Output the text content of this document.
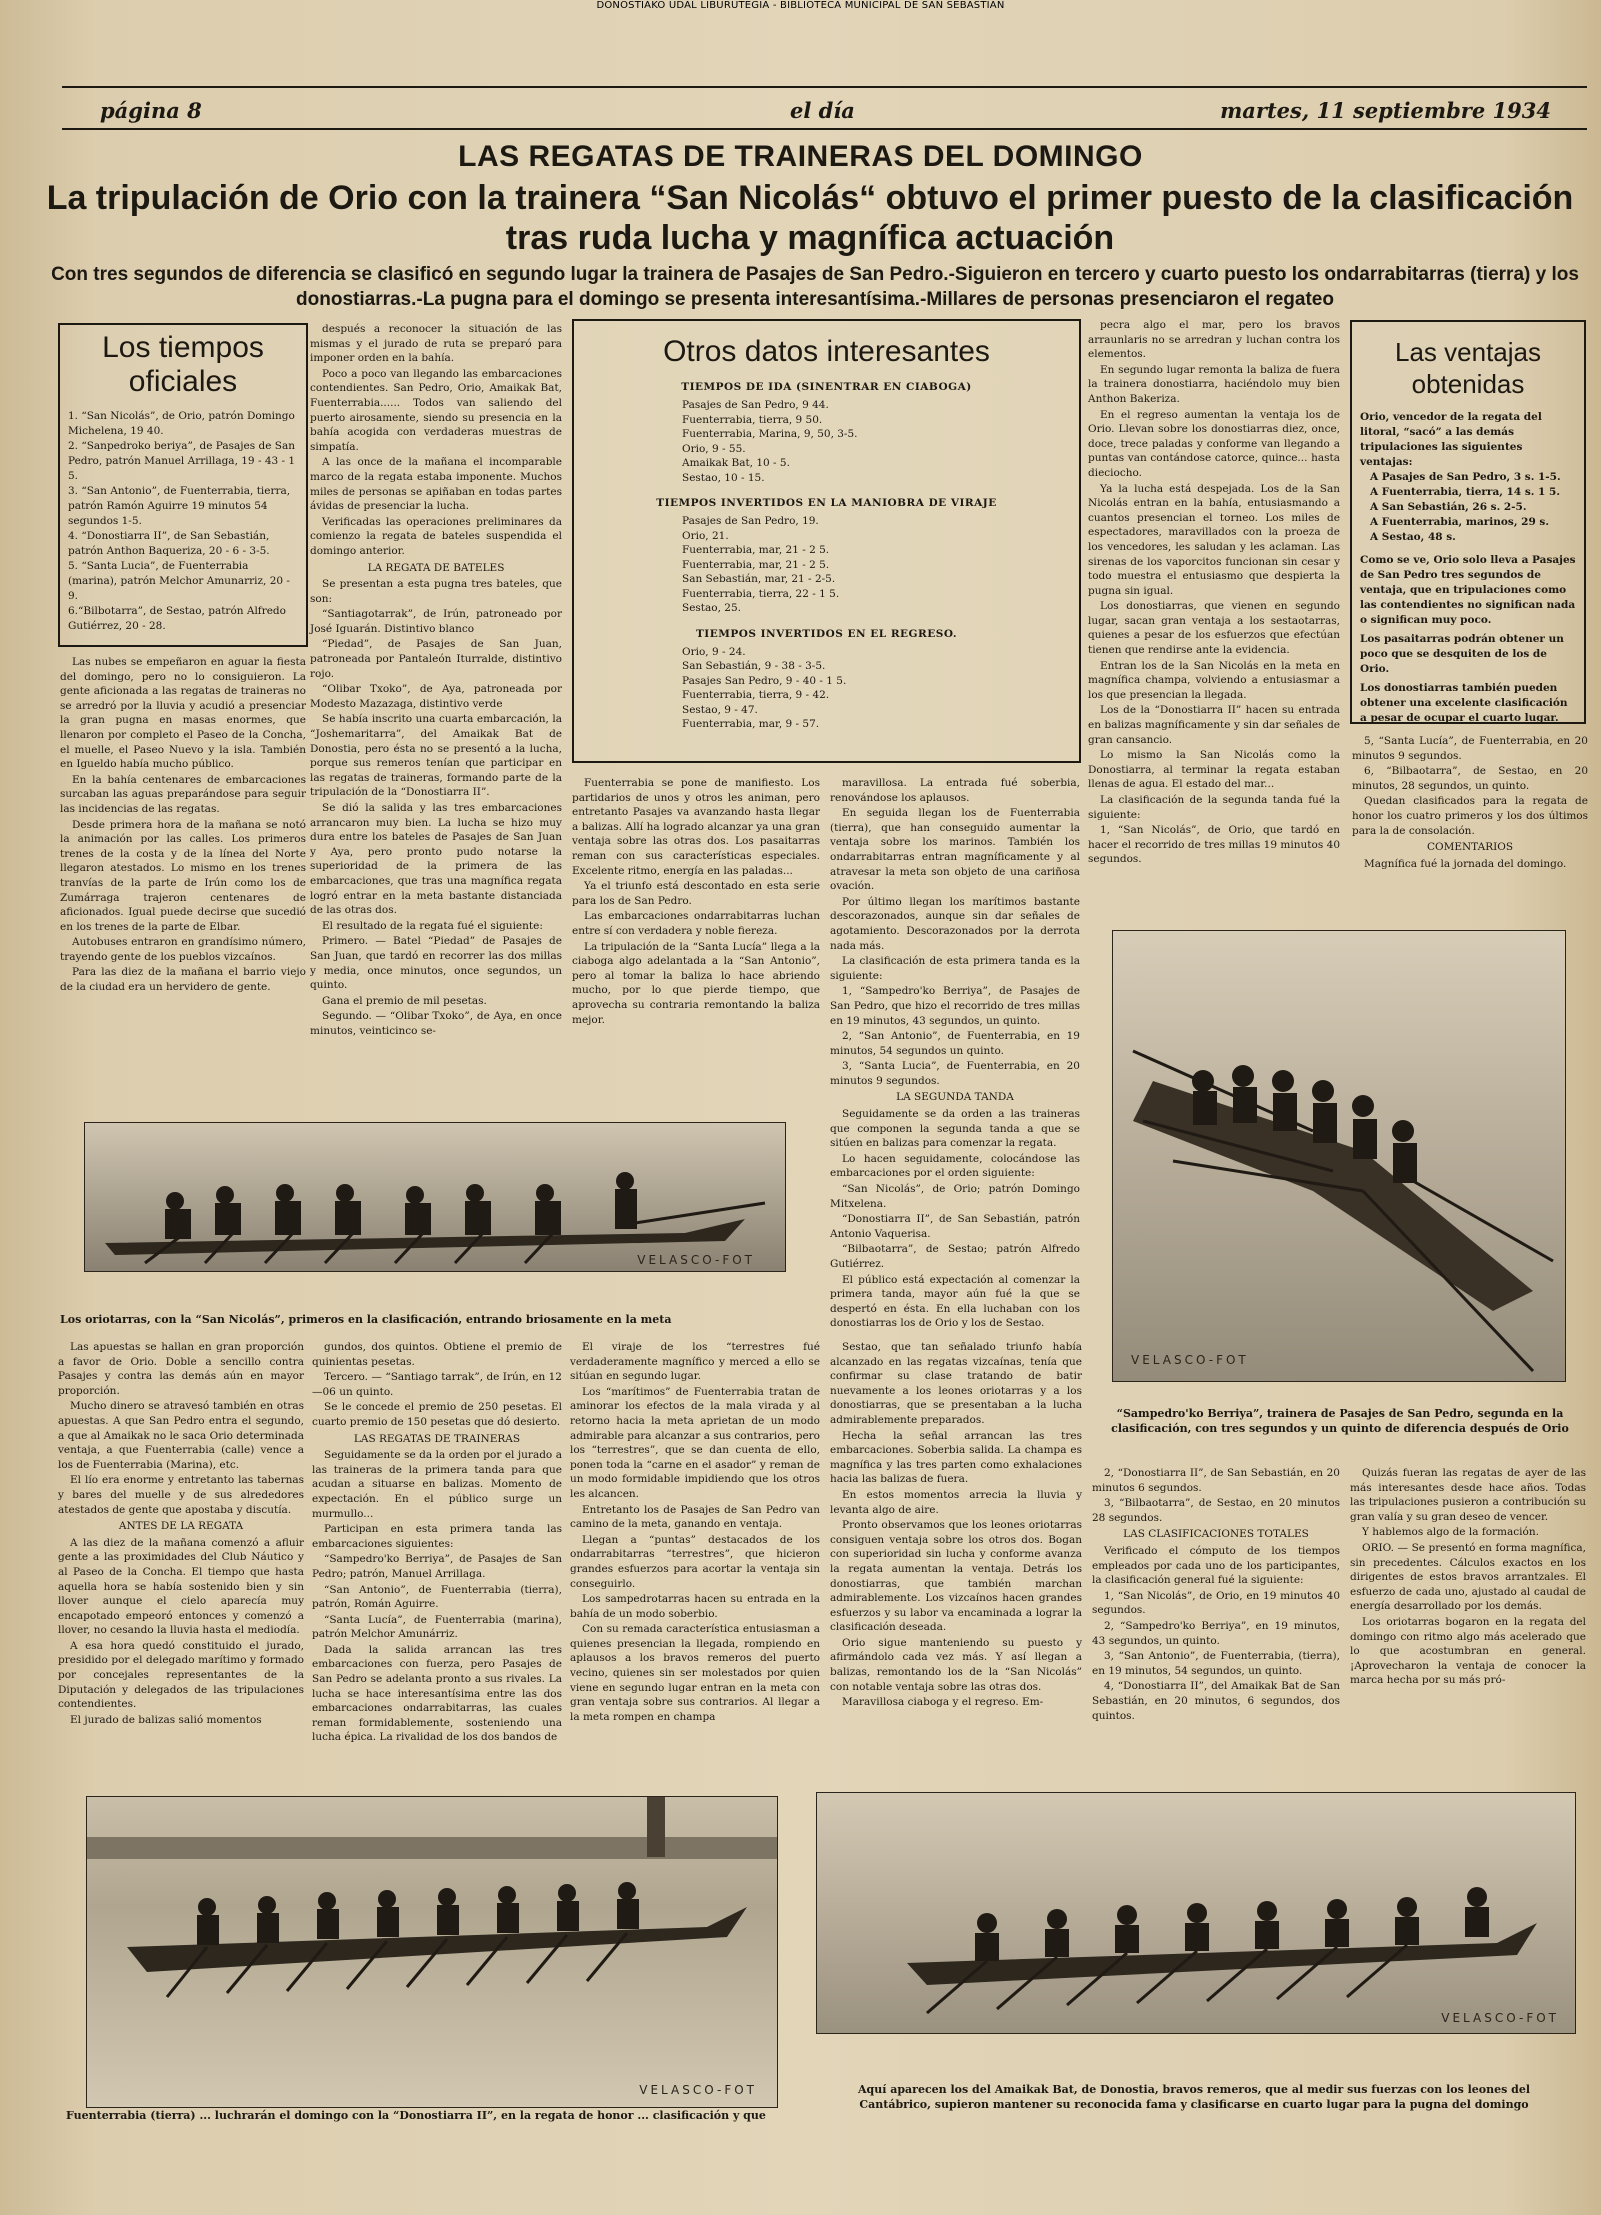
DONOSTIAKO UDAL LIBURUTEGIA - BIBLIOTECA MUNICIPAL DE SAN SEBASTIAN
página 8	el día	martes, 11 septiembre 1934
LAS REGATAS DE TRAINERAS DEL DOMINGO
La tripulación de Orio con la trainera “San Nicolás“ obtuvo el primer puesto de la clasificación tras ruda lucha y magnífica actuación
Con tres segundos de diferencia se clasificó en segundo lugar la trainera de Pasajes de San Pedro.-Siguieron en tercero y cuarto puesto los ondarrabitarras (tierra) y los donostiarras.-La pugna para el domingo se presenta interesantísima.-Millares de personas presenciaron el regateo
Los tiempos oficiales
1. “San Nicolás”, de Orio, patrón Domingo Michelena, 19 40.
2. “Sanpedroko beriya”, de Pasajes de San Pedro, patrón Manuel Arrillaga, 19 - 43 - 1 5.
3. “San Antonio”, de Fuenterrabia, tierra, patrón Ramón Aguirre 19 minutos 54 segundos 1-5.
4. “Donostiarra II”, de San Sebastián, patrón Anthon Baqueriza, 20 - 6 - 3-5.
5. “Santa Lucia”, de Fuenterrabia (marina), patrón Melchor Amunarriz, 20 - 9.
6.“Bilbotarra”, de Sestao, patrón Alfredo Gutiérrez, 20 - 28.
Otros datos interesantes
TIEMPOS DE IDA (SINENTRAR EN CIABOGA)
Pasajes de San Pedro, 9 44.
Fuenterrabia, tierra, 9 50.
Fuenterrabia, Marina, 9, 50, 3-5.
Orio, 9 - 55.
Amaikak Bat, 10 - 5.
Sestao, 10 - 15.
TIEMPOS INVERTIDOS EN LA MANIOBRA DE VIRAJE
Pasajes de San Pedro, 19.
Orio, 21.
Fuenterrabia, mar, 21 - 2 5.
Fuenterrabia, mar, 21 - 2 5.
San Sebastián, mar, 21 - 2-5.
Fuenterrabia, tierra, 22 - 1 5.
Sestao, 25.
TIEMPOS INVERTIDOS EN EL REGRESO.
Orio, 9 - 24.
San Sebastián, 9 - 38 - 3-5.
Pasajes San Pedro, 9 - 40 - 1 5.
Fuenterrabia, tierra, 9 - 42.
Sestao, 9 - 47.
Fuenterrabia, mar, 9 - 57.
Las ventajas obtenidas
Orio, vencedor de la regata del litoral, “sacó” a las demás tripulaciones las siguientes ventajas:
A Pasajes de San Pedro, 3 s. 1-5.
A Fuenterrabia, tierra, 14 s. 1 5.
A San Sebastián, 26 s. 2-5.
A Fuenterrabia, marinos, 29 s.
A Sestao, 48 s.
Como se ve, Orio solo lleva a Pasajes de San Pedro tres segundos de ventaja, que en tripulaciones como las contendientes no significan nada o significan muy poco.
Los pasaitarras podrán obtener un poco que se desquiten de los de Orio.
Los donostiarras también pueden obtener una excelente clasificación a pesar de ocupar el cuarto lugar.

Las nubes se empeñaron en aguar la fiesta del domingo, pero no lo consiguieron. La gente aficionada a las regatas de traineras no se arredró por la lluvia y acudió a presenciar la gran pugna en masas enormes, que llenaron por completo el Paseo de la Concha, el muelle, el Paseo Nuevo y la isla. También en Igueldo había mucho público.

En la bahía centenares de embarcaciones surcaban las aguas preparándose para seguir las incidencias de las regatas.

Desde primera hora de la mañana se notó la animación por las calles. Los primeros trenes de la costa y de la línea del Norte llegaron atestados. Lo mismo en los trenes tranvías de la parte de Irún como los de Zumárraga trajeron centenares de aficionados. Igual puede decirse que sucedió en los trenes de la parte de Elbar.

Autobuses entraron en grandísimo número, trayendo gente de los pueblos vizcaínos.

Para las diez de la mañana el barrio viejo de la ciudad era un hervidero de gente.

después a reconocer la situación de las mismas y el jurado de ruta se preparó para imponer orden en la bahía.

Poco a poco van llegando las embarcaciones contendientes. San Pedro, Orio, Amaikak Bat, Fuenterrabia...... Todos van saliendo del puerto airosamente, siendo su presencia en la bahía acogida con verdaderas muestras de simpatía.

A las once de la mañana el incomparable marco de la regata estaba imponente. Muchos miles de personas se apiñaban en todas partes ávidas de presenciar la lucha.

Verificadas las operaciones preliminares da comienzo la regata de bateles suspendida el domingo anterior.

LA REGATA DE BATELES

Se presentan a esta pugna tres bateles, que son:

“Santiagotarrak”, de Irún, patroneado por José Iguarán. Distintivo blanco

“Piedad”, de Pasajes de San Juan, patroneada por Pantaleón Iturralde, distintivo rojo.

“Olibar Txoko”, de Aya, patroneada por Modesto Mazazaga, distintivo verde

Se había inscrito una cuarta embarcación, la “Joshemaritarra”, del Amaikak Bat de Donostia, pero ésta no se presentó a la lucha, porque sus remeros tenían que participar en las regatas de traineras, formando parte de la tripulación de la “Donostiarra II”.

Se dió la salida y las tres embarcaciones arrancaron muy bien. La lucha se hizo muy dura entre los bateles de Pasajes de San Juan y Aya, pero pronto pudo notarse la superioridad de la primera de las embarcaciones, que tras una magnífica regata logró entrar en la meta bastante distanciada de las otras dos.

El resultado de la regata fué el siguiente:

Primero. — Batel “Piedad” de Pasajes de San Juan, que tardó en recorrer las dos millas y media, once minutos, once segundos, un quinto.

Gana el premio de mil pesetas.

Segundo. — “Olibar Txoko”, de Aya, en once minutos, veinticinco se-

Fuenterrabia se pone de manifiesto. Los partidarios de unos y otros les animan, pero entretanto Pasajes va avanzando hasta llegar a balizas. Allí ha logrado alcanzar ya una gran ventaja sobre las otras dos. Los pasaitarras reman con sus características especiales. Excelente ritmo, energía en las paladas...

Ya el triunfo está descontado en esta serie para los de San Pedro.

Las embarcaciones ondarrabitarras luchan entre sí con verdadera y noble fiereza.

La tripulación de la “Santa Lucía” llega a la ciaboga algo adelantada a la “San Antonio”, pero al tomar la baliza lo hace abriendo mucho, por lo que pierde tiempo, que aprovecha su contraria remontando la baliza mejor.

maravillosa. La entrada fué soberbia, renovándose los aplausos.

En seguida llegan los de Fuenterrabia (tierra), que han conseguido aumentar la ventaja sobre los marinos. También los ondarrabitarras entran magníficamente y al atravesar la meta son objeto de una cariñosa ovación.

Por último llegan los marítimos bastante descorazonados, aunque sin dar señales de agotamiento. Descorazonados por la derrota nada más.

La clasificación de esta primera tanda es la siguiente:

1, “Sampedro'ko Berriya”, de Pasajes de San Pedro, que hizo el recorrido de tres millas en 19 minutos, 43 segundos, un quinto.

2, “San Antonio”, de Fuenterrabia, en 19 minutos, 54 segundos un quinto.

3, “Santa Lucia”, de Fuenterrabia, en 20 minutos 9 segundos.

LA SEGUNDA TANDA

Seguidamente se da orden a las traineras que componen la segunda tanda a que se sitúen en balizas para comenzar la regata.

Lo hacen seguidamente, colocándose las embarcaciones por el orden siguiente:

“San Nicolás”, de Orio; patrón Domingo Mitxelena.

“Donostiarra II”, de San Sebastián, patrón Antonio Vaquerisa.

“Bilbaotarra”, de Sestao; patrón Alfredo Gutiérrez.

El público está expectación al comenzar la primera tanda, mayor aún fué la que se despertó en ésta. En ella luchaban con los donostiarras los de Orio y los de Sestao.

pecra algo el mar, pero los bravos arraunlaris no se arredran y luchan contra los elementos.

En segundo lugar remonta la baliza de fuera la trainera donostiarra, haciéndolo muy bien Anthon Bakeriza.

En el regreso aumentan la ventaja los de Orio. Llevan sobre los donostiarras diez, once, doce, trece paladas y conforme van llegando a puntas van contándose catorce, quince... hasta dieciocho.

Ya la lucha está despejada. Los de la San Nicolás entran en la bahía, entusiasmando a cuantos presencian el torneo. Los miles de espectadores, maravillados con la proeza de los vencedores, les saludan y les aclaman. Las sirenas de los vaporcitos funcionan sin cesar y todo muestra el entusiasmo que despierta la pugna sin igual.

Los donostiarras, que vienen en segundo lugar, sacan gran ventaja a los sestaotarras, quienes a pesar de los esfuerzos que efectúan tienen que rendirse ante la evidencia.

Entran los de la San Nicolás en la meta en magnífica champa, volviendo a entusiasmar a los que presencian la llegada.

Los de la “Donostiarra II” hacen su entrada en balizas magníficamente y sin dar señales de gran cansancio.

Lo mismo la San Nicolás como la Donostiarra, al terminar la regata estaban llenas de agua. El estado del mar...

La clasificación de la segunda tanda fué la siguiente:

1, “San Nicolás”, de Orio, que tardó en hacer el recorrido de tres millas 19 minutos 40 segundos.

5, “Santa Lucía”, de Fuenterrabia, en 20 minutos 9 segundos.

6, “Bilbaotarra”, de Sestao, en 20 minutos, 28 segundos, un quinto.

Quedan clasificados para la regata de honor los cuatro primeros y los dos últimos para la de consolación.

COMENTARIOS

Magnífica fué la jornada del domingo.

VELASCO-FOT
Los oriotarras, con la “San Nicolás”, primeros en la clasificación, entrando briosamente en la meta
VELASCO-FOT
“Sampedro'ko Berriya”, trainera de Pasajes de San Pedro, segunda en la clasificación, con tres segundos y un quinto de diferencia después de Orio

Las apuestas se hallan en gran proporción a favor de Orio. Doble a sencillo contra Pasajes y contra las demás aún en mayor proporción.

Mucho dinero se atravesó también en otras apuestas. A que San Pedro entra el segundo, a que al Amaikak no le saca Orio determinada ventaja, a que Fuenterrabia (calle) vence a los de Fuenterrabia (Marina), etc.

El lío era enorme y entretanto las tabernas y bares del muelle y de sus alrededores atestados de gente que apostaba y discutía.

ANTES DE LA REGATA

A las diez de la mañana comenzó a afluir gente a las proximidades del Club Náutico y al Paseo de la Concha. El tiempo que hasta aquella hora se había sostenido bien y sin llover aunque el cielo aparecía muy encapotado empeoró entonces y comenzó a llover, no cesando la lluvia hasta el mediodía.

A esa hora quedó constituido el jurado, presidido por el delegado marítimo y formado por concejales representantes de la Diputación y delegados de las tripulaciones contendientes.

El jurado de balizas salió momentos

gundos, dos quintos. Obtiene el premio de quinientas pesetas.

Tercero. — “Santiago tarrak”, de Irún, en 12—06 un quinto.

Se le concede el premio de 250 pesetas. El cuarto premio de 150 pesetas que dó desierto.

LAS REGATAS DE TRAINERAS

Seguidamente se da la orden por el jurado a las traineras de la primera tanda para que acudan a situarse en balizas. Momento de expectación. En el público surge un murmullo...

Participan en esta primera tanda las embarcaciones siguientes:

“Sampedro'ko Berriya”, de Pasajes de San Pedro; patrón, Manuel Arrillaga.

“San Antonio”, de Fuenterrabia (tierra), patrón, Román Aguirre.

“Santa Lucía”, de Fuenterrabia (marina), patrón Melchor Amunárriz.

Dada la salida arrancan las tres embarcaciones con fuerza, pero Pasajes de San Pedro se adelanta pronto a sus rivales. La lucha se hace interesantísima entre las dos embarcaciones ondarrabitarras, las cuales reman formidablemente, sosteniendo una lucha épica. La rivalidad de los dos bandos de

El viraje de los “terrestres fué verdaderamente magnífico y merced a ello se sitúan en segundo lugar.

Los “marítimos” de Fuenterrabia tratan de aminorar los efectos de la mala virada y al retorno hacia la meta aprietan de un modo admirable para alcanzar a sus contrarios, pero los “terrestres”, que se dan cuenta de ello, ponen toda la “carne en el asador” y reman de un modo formidable impidiendo que los otros les alcancen.

Entretanto los de Pasajes de San Pedro van camino de la meta, ganando en ventaja.

Llegan a “puntas” destacados de los ondarrabitarras “terrestres”, que hicieron grandes esfuerzos para acortar la ventaja sin conseguirlo.

Los sampedrotarras hacen su entrada en la bahía de un modo soberbio.

Con su remada característica entusiasman a quienes presencian la llegada, rompiendo en aplausos a los bravos remeros del puerto vecino, quienes sin ser molestados por quien viene en segundo lugar entran en la meta con gran ventaja sobre sus contrarios. Al llegar a la meta rompen en champa

Sestao, que tan señalado triunfo había alcanzado en las regatas vizcaínas, tenía que confirmar su clase tratando de batir nuevamente a los leones oriotarras y a los donostiarras, que se presentaban a la lucha admirablemente preparados.

Hecha la señal arrancan las tres embarcaciones. Soberbia salida. La champa es magnífica y las tres parten como exhalaciones hacia las balizas de fuera.

En estos momentos arrecia la lluvia y levanta algo de aire.

Pronto observamos que los leones oriotarras consiguen ventaja sobre los otros dos. Bogan con superioridad sin lucha y conforme avanza la regata aumentan la ventaja. Detrás los donostiarras, que también marchan admirablemente. Los vizcaínos hacen grandes esfuerzos y su labor va encaminada a lograr la clasificación deseada.

Orio sigue manteniendo su puesto y afirmándolo cada vez más. Y así llegan a balizas, remontando los de la “San Nicolás” con notable ventaja sobre las otras dos.

Maravillosa ciaboga y el regreso. Em-

2, “Donostiarra II”, de San Sebastián, en 20 minutos 6 segundos.

3, “Bilbaotarra”, de Sestao, en 20 minutos 28 segundos.

LAS CLASIFICACIONES TOTALES

Verificado el cómputo de los tiempos empleados por cada uno de los participantes, la clasificación general fué la siguiente:

1, “San Nicolás”, de Orio, en 19 minutos 40 segundos.

2, “Sampedro'ko Berriya”, en 19 minutos, 43 segundos, un quinto.

3, “San Antonio”, de Fuenterrabia, (tierra), en 19 minutos, 54 segundos, un quinto.

4, “Donostiarra II”, del Amaikak Bat de San Sebastián, en 20 minutos, 6 segundos, dos quintos.

Quizás fueran las regatas de ayer de las más interesantes desde hace años. Todas las tripulaciones pusieron a contribución su gran valía y su gran deseo de vencer.

Y hablemos algo de la formación.

ORIO. — Se presentó en forma magnífica, sin precedentes. Cálculos exactos en los dirigentes de estos bravos arrantzales. El esfuerzo de cada uno, ajustado al caudal de energía desarrollado por los demás.

Los oriotarras bogaron en la regata del domingo con ritmo algo más acelerado que lo que acostumbran en general. ¡Aprovecharon la ventaja de conocer la marca hecha por su más pró-

VELASCO-FOT
Fuenterrabia (tierra) ... luchrarán el domingo con la “Donostiarra II”, en la regata de honor ... clasificación y que
VELASCO-FOT
Aquí aparecen los del Amaikak Bat, de Donostia, bravos remeros, que al medir sus fuerzas con los leones del Cantábrico, supieron mantener su reconocida fama y clasificarse en cuarto lugar para la pugna del domingo
